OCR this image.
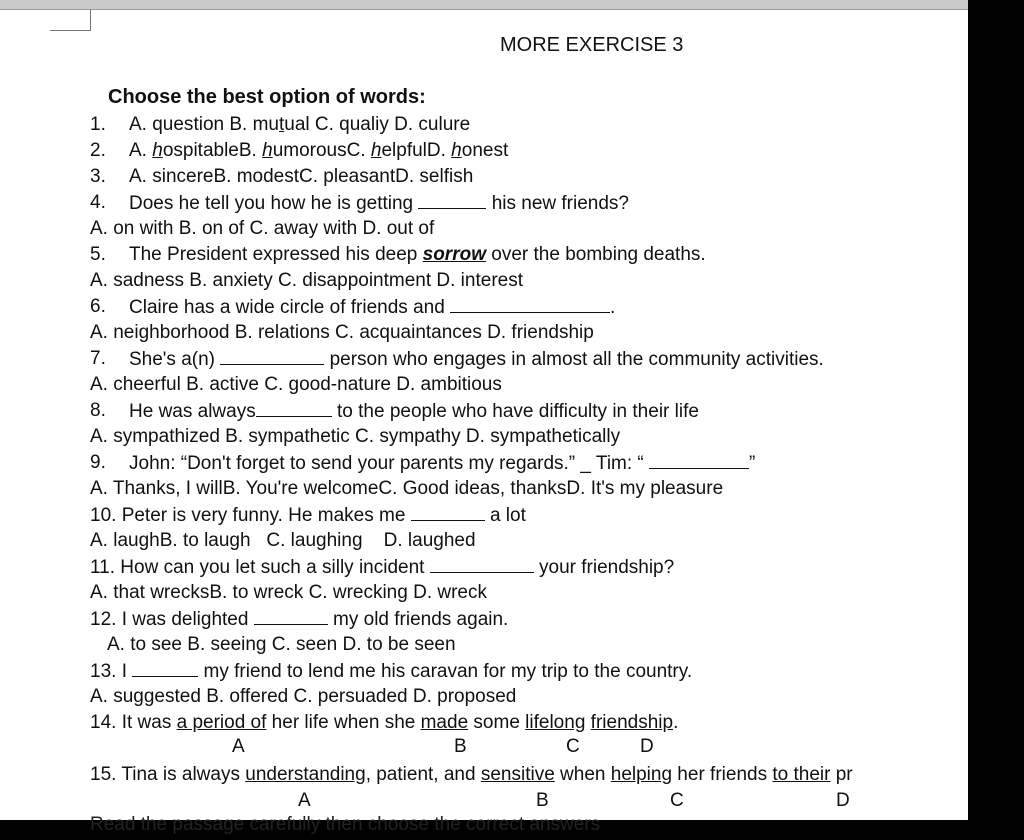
MORE EXERCISE 3
Choose the best option of words:
1. A. question B. mutual C. qualiy D. culure
2. A. hospitableB. humorousC. helpfulD. honest
3. A. sincereB. modestC. pleasantD. selfish
4. Does he tell you how he is getting	his new friends?
A. on with B. on of C. away with D. out of
5. The President expressed his deep sorrow over the bombing deaths.
A. sadness B. anxiety C. disappointment D. interest
6. Claire has a wide circle of friends and	.
A. neighborhood B. relations C. acquaintances D. friendship
7. She's a(n)	person who engages in almost all the community activities.
A. cheerful B. active C. good-nature D. ambitious
8. He was always	to the people who have difficulty in their life
A. sympathized B. sympathetic C. sympathy D. sympathetically
9. John: “Don't forget to send your parents my regards.” _ Tim: “	”
A. Thanks, I willB. You're welcomeC. Good ideas, thanksD. It's my pleasure
10. Peter is very funny. He makes me	a lot
A. laughB. to laugh   C. laughing    D. laughed
11. How can you let such a silly incident	your friendship?
A. that wrecksB. to wreck C. wrecking D. wreck
12. I was delighted	my old friends again.
A. to see B. seeing C. seen D. to be seen
13. I	my friend to lend me his caravan for my trip to the country.
A. suggested B. offered C. persuaded D. proposed
14. It was a period of her life when she made some lifelong friendship.
A	B	C	D
15. Tina is always understanding, patient, and sensitive when helping her friends to their pr
A	B	C	D
Read the passage carefully then choose the correct answers
